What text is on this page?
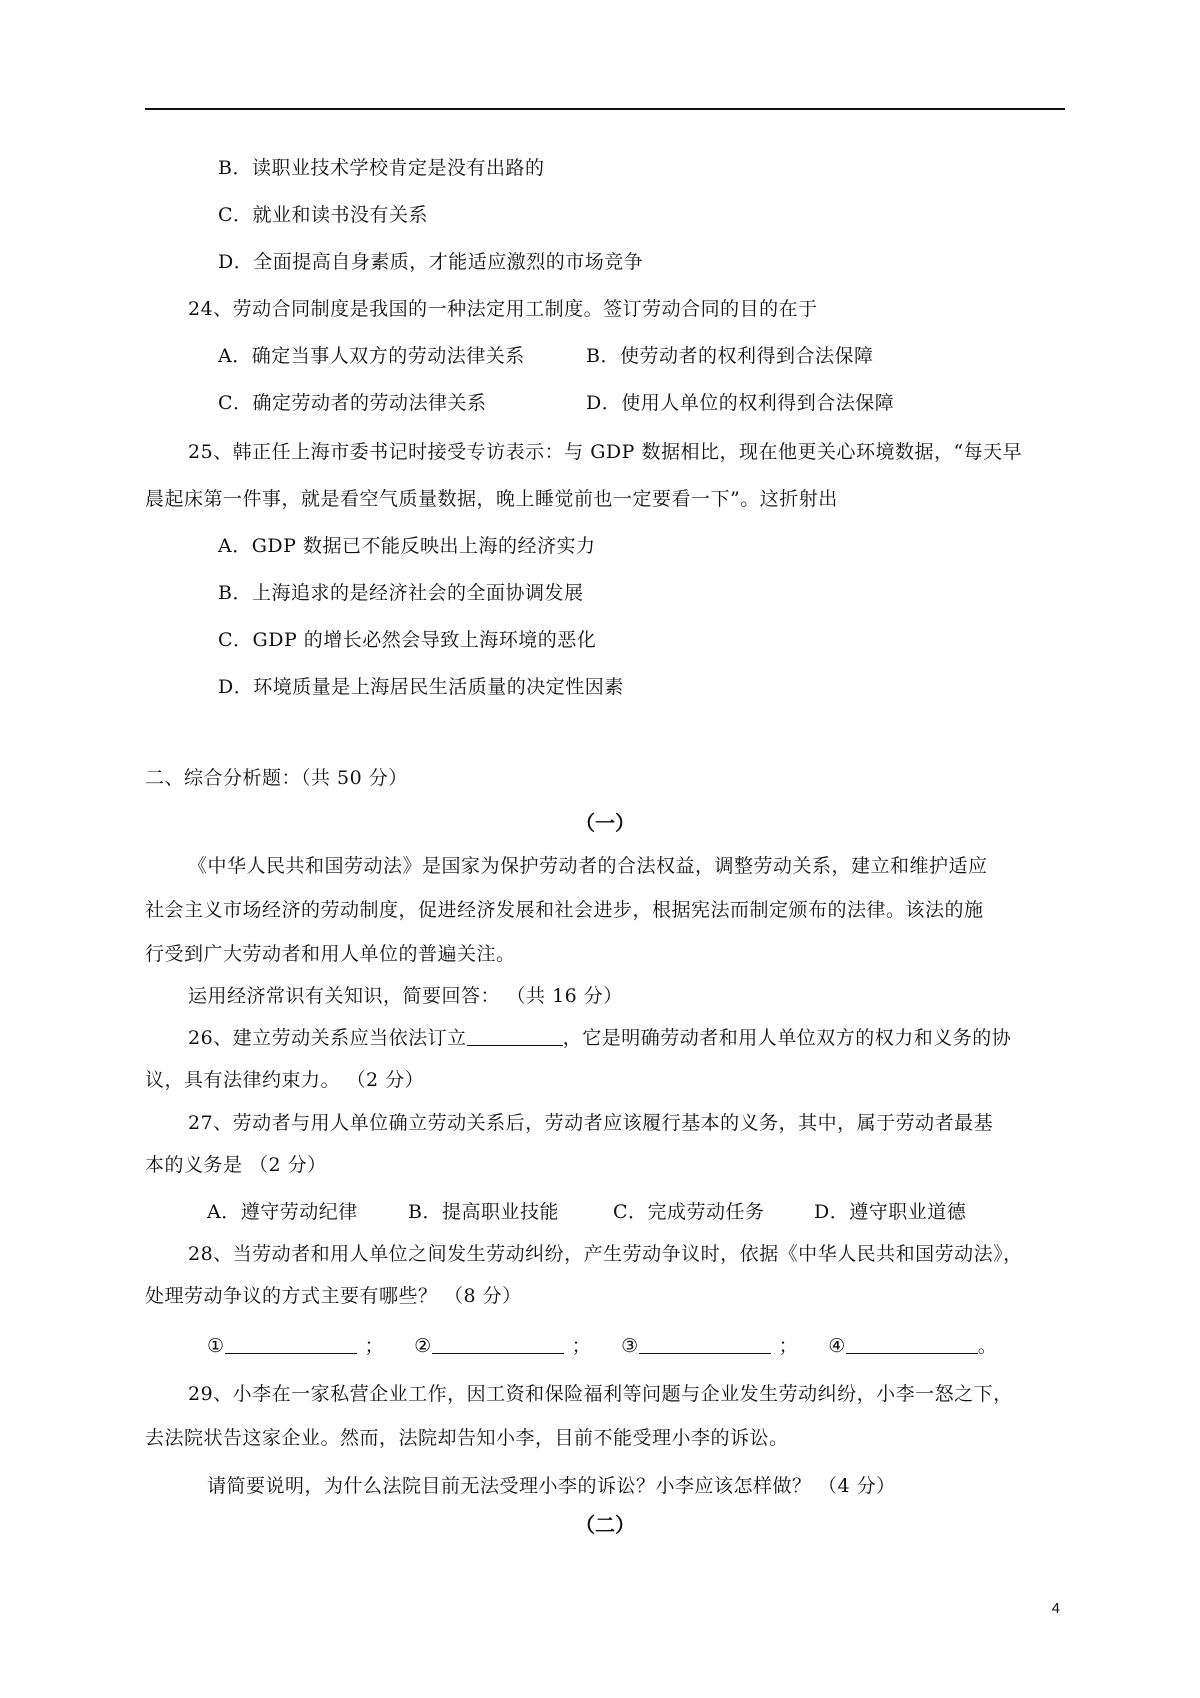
B．读职业技术学校肯定是没有出路的
C．就业和读书没有关系
D．全面提高自身素质，才能适应激烈的市场竞争
24、劳动合同制度是我国的一种法定用工制度。签订劳动合同的目的在于
A．确定当事人双方的劳动法律关系	B．使劳动者的权利得到合法保障
C．确定劳动者的劳动法律关系	D．使用人单位的权利得到合法保障
25、韩正任上海市委书记时接受专访表示：与 GDP 数据相比，现在他更关心环境数据，“每天早
晨起床第一件事，就是看空气质量数据，晚上睡觉前也一定要看一下”。这折射出
A．GDP 数据已不能反映出上海的经济实力
B．上海追求的是经济社会的全面协调发展
C．GDP 的增长必然会导致上海环境的恶化
D．环境质量是上海居民生活质量的决定性因素
二、综合分析题：（共 50 分）
（一）
《中华人民共和国劳动法》是国家为保护劳动者的合法权益，调整劳动关系，建立和维护适应
社会主义市场经济的劳动制度，促进经济发展和社会进步，根据宪法而制定颁布的法律。该法的施
行受到广大劳动者和用人单位的普遍关注。
运用经济常识有关知识，简要回答： （共 16 分）
26、建立劳动关系应当依法订立	，它是明确劳动者和用人单位双方的权力和义务的协
议，具有法律约束力。 （2 分）
27、劳动者与用人单位确立劳动关系后，劳动者应该履行基本的义务，其中，属于劳动者最基
本的义务是 （2 分）
A．遵守劳动纪律	B．提高职业技能	C．完成劳动任务	D．遵守职业道德
28、当劳动者和用人单位之间发生劳动纠纷，产生劳动争议时，依据《中华人民共和国劳动法》，
处理劳动争议的方式主要有哪些？ （8 分）
①	； ②	； ③	； ④	。
29、小李在一家私营企业工作，因工资和保险福利等问题与企业发生劳动纠纷，小李一怒之下，
去法院状告这家企业。然而，法院却告知小李，目前不能受理小李的诉讼。
请简要说明，为什么法院目前无法受理小李的诉讼？小李应该怎样做？ （4 分）
（二）
4
